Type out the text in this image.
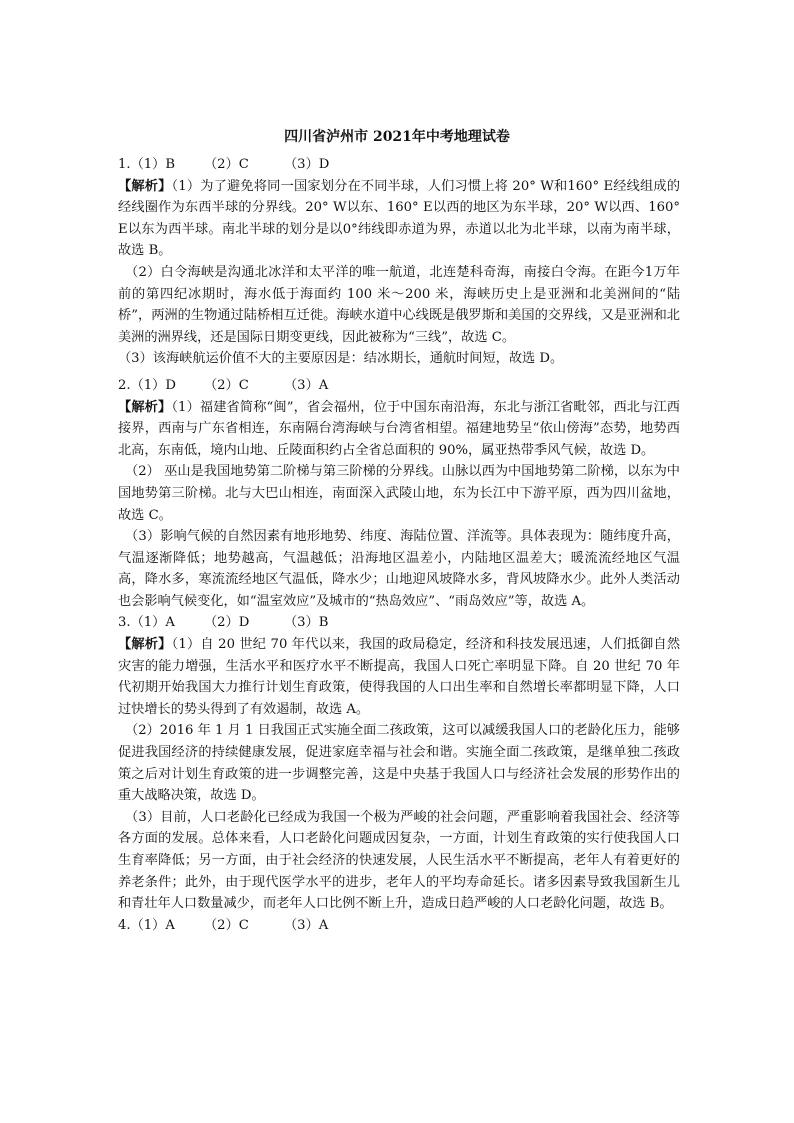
四川省泸州市 2021年中考地理试卷
1.（1）B （2）C	（3）D

【解析】（1）为了避免将同一国家划分在不同半球，人们习惯上将 20° W和160° E经线组成的经线圈作为东西半球的分界线。20° W以东、160° E以西的地区为东半球，20° W以西、160° E以东为西半球。南北半球的划分是以0°纬线即赤道为界，赤道以北为北半球，以南为南半球，故选 B。

（2）白令海峡是沟通北冰洋和太平洋的唯一航道，北连楚科奇海，南接白令海。在距今1万年前的第四纪冰期时，海水低于海面约 100 米～200 米，海峡历史上是亚洲和北美洲间的“陆桥”，两洲的生物通过陆桥相互迁徙。海峡水道中心线既是俄罗斯和美国的交界线，又是亚洲和北美洲的洲界线，还是国际日期变更线，因此被称为“三线”，故选 C。

（3）该海峡航运价值不大的主要原因是：结冰期长，通航时间短，故选 D。

2.（1）D （2）C	（3）A

【解析】（1）福建省简称“闽”，省会福州，位于中国东南沿海，东北与浙江省毗邻，西北与江西接界，西南与广东省相连，东南隔台湾海峡与台湾省相望。福建地势呈“依山傍海”态势，地势西北高，东南低，境内山地、丘陵面积约占全省总面积的 90%，属亚热带季风气候，故选 D。

（2） 巫山是我国地势第二阶梯与第三阶梯的分界线。山脉以西为中国地势第二阶梯，以东为中国地势第三阶梯。北与大巴山相连，南面深入武陵山地，东为长江中下游平原，西为四川盆地，故选 C。

（3）影响气候的自然因素有地形地势、纬度、海陆位置、洋流等。具体表现为：随纬度升高，气温逐渐降低；地势越高，气温越低；沿海地区温差小，内陆地区温差大；暖流流经地区气温高，降水多，寒流流经地区气温低，降水少；山地迎风坡降水多，背风坡降水少。此外人类活动也会影响气候变化，如“温室效应”及城市的“热岛效应”、“雨岛效应”等，故选 A。

3.（1）A （2）D	（3）B

【解析】（1）自 20 世纪 70 年代以来，我国的政局稳定，经济和科技发展迅速，人们抵御自然灾害的能力增强，生活水平和医疗水平不断提高，我国人口死亡率明显下降。自 20 世纪 70 年代初期开始我国大力推行计划生育政策，使得我国的人口出生率和自然增长率都明显下降，人口过快增长的势头得到了有效遏制，故选 A。

（2）2016 年 1 月 1 日我国正式实施全面二孩政策，这可以减缓我国人口的老龄化压力，能够促进我国经济的持续健康发展，促进家庭幸福与社会和谐。实施全面二孩政策，是继单独二孩政策之后对计划生育政策的进一步调整完善，这是中央基于我国人口与经济社会发展的形势作出的重大战略决策，故选 D。

（3）目前，人口老龄化已经成为我国一个极为严峻的社会问题，严重影响着我国社会、经济等各方面的发展。总体来看，人口老龄化问题成因复杂，一方面，计划生育政策的实行使我国人口生育率降低；另一方面，由于社会经济的快速发展，人民生活水平不断提高，老年人有着更好的养老条件；此外，由于现代医学水平的进步，老年人的平均寿命延长。诸多因素导致我国新生儿和青壮年人口数量减少，而老年人口比例不断上升，造成日趋严峻的人口老龄化问题，故选 B。

4.（1）A （2）C	（3）A
